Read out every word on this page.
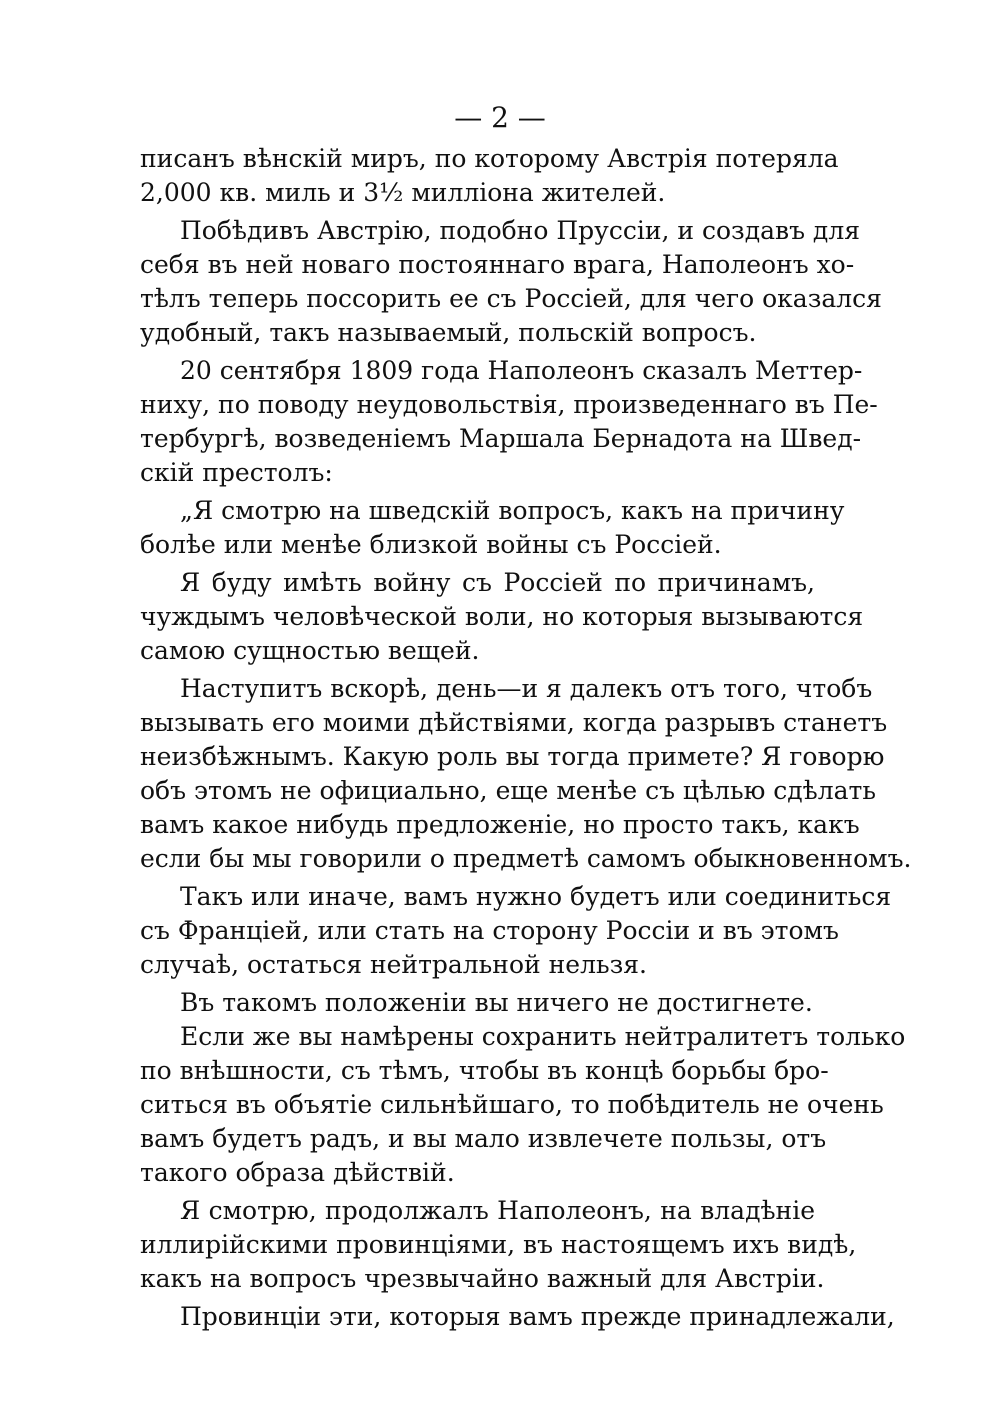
— 2 —
писанъ вѣнскій миръ, по которому Австрія потеряла
2,000 кв. миль и 3½ милліона жителей.
Побѣдивъ Австрію, подобно Пруссіи, и создавъ для
себя въ ней новаго постояннаго врага, Наполеонъ хо-
тѣлъ теперь поссорить ее съ Россіей, для чего оказался
удобный, такъ называемый, польскій вопросъ.
20 сентября 1809 года Наполеонъ сказалъ Меттер-
ниху, по поводу неудовольствія, произведеннаго въ Пе-
тербургѣ, возведеніемъ Маршала Бернадота на Швед-
скій престолъ:
„Я смотрю на шведскій вопросъ, какъ на причину
болѣе или менѣе близкой войны съ Россіей.
Я буду имѣть войну съ Россіей по причинамъ,
чуждымъ человѣческой воли, но которыя вызываются
самою сущностью вещей.
Наступитъ вскорѣ, день—и я далекъ отъ того, чтобъ
вызывать его моими дѣйствіями, когда разрывъ станетъ
неизбѣжнымъ. Какую роль вы тогда примете? Я говорю
объ этомъ не официально, еще менѣе съ цѣлью сдѣлать
вамъ какое нибудь предложеніе, но просто такъ, какъ
если бы мы говорили о предметѣ самомъ обыкновенномъ.
Такъ или иначе, вамъ нужно будетъ или соединиться
съ Франціей, или стать на сторону Россіи и въ этомъ
случаѣ, остаться нейтральной нельзя.
Въ такомъ положеніи вы ничего не достигнете.
Если же вы намѣрены сохранить нейтралитетъ только
по внѣшности, съ тѣмъ, чтобы въ концѣ борьбы бро-
ситься въ объятіе сильнѣйшаго, то побѣдитель не очень
вамъ будетъ радъ, и вы мало извлечете пользы, отъ
такого образа дѣйствій.
Я смотрю, продолжалъ Наполеонъ, на владѣніе
иллирійскими провинціями, въ настоящемъ ихъ видѣ,
какъ на вопросъ чрезвычайно важный для Австріи.
Провинціи эти, которыя вамъ прежде принадлежали,
